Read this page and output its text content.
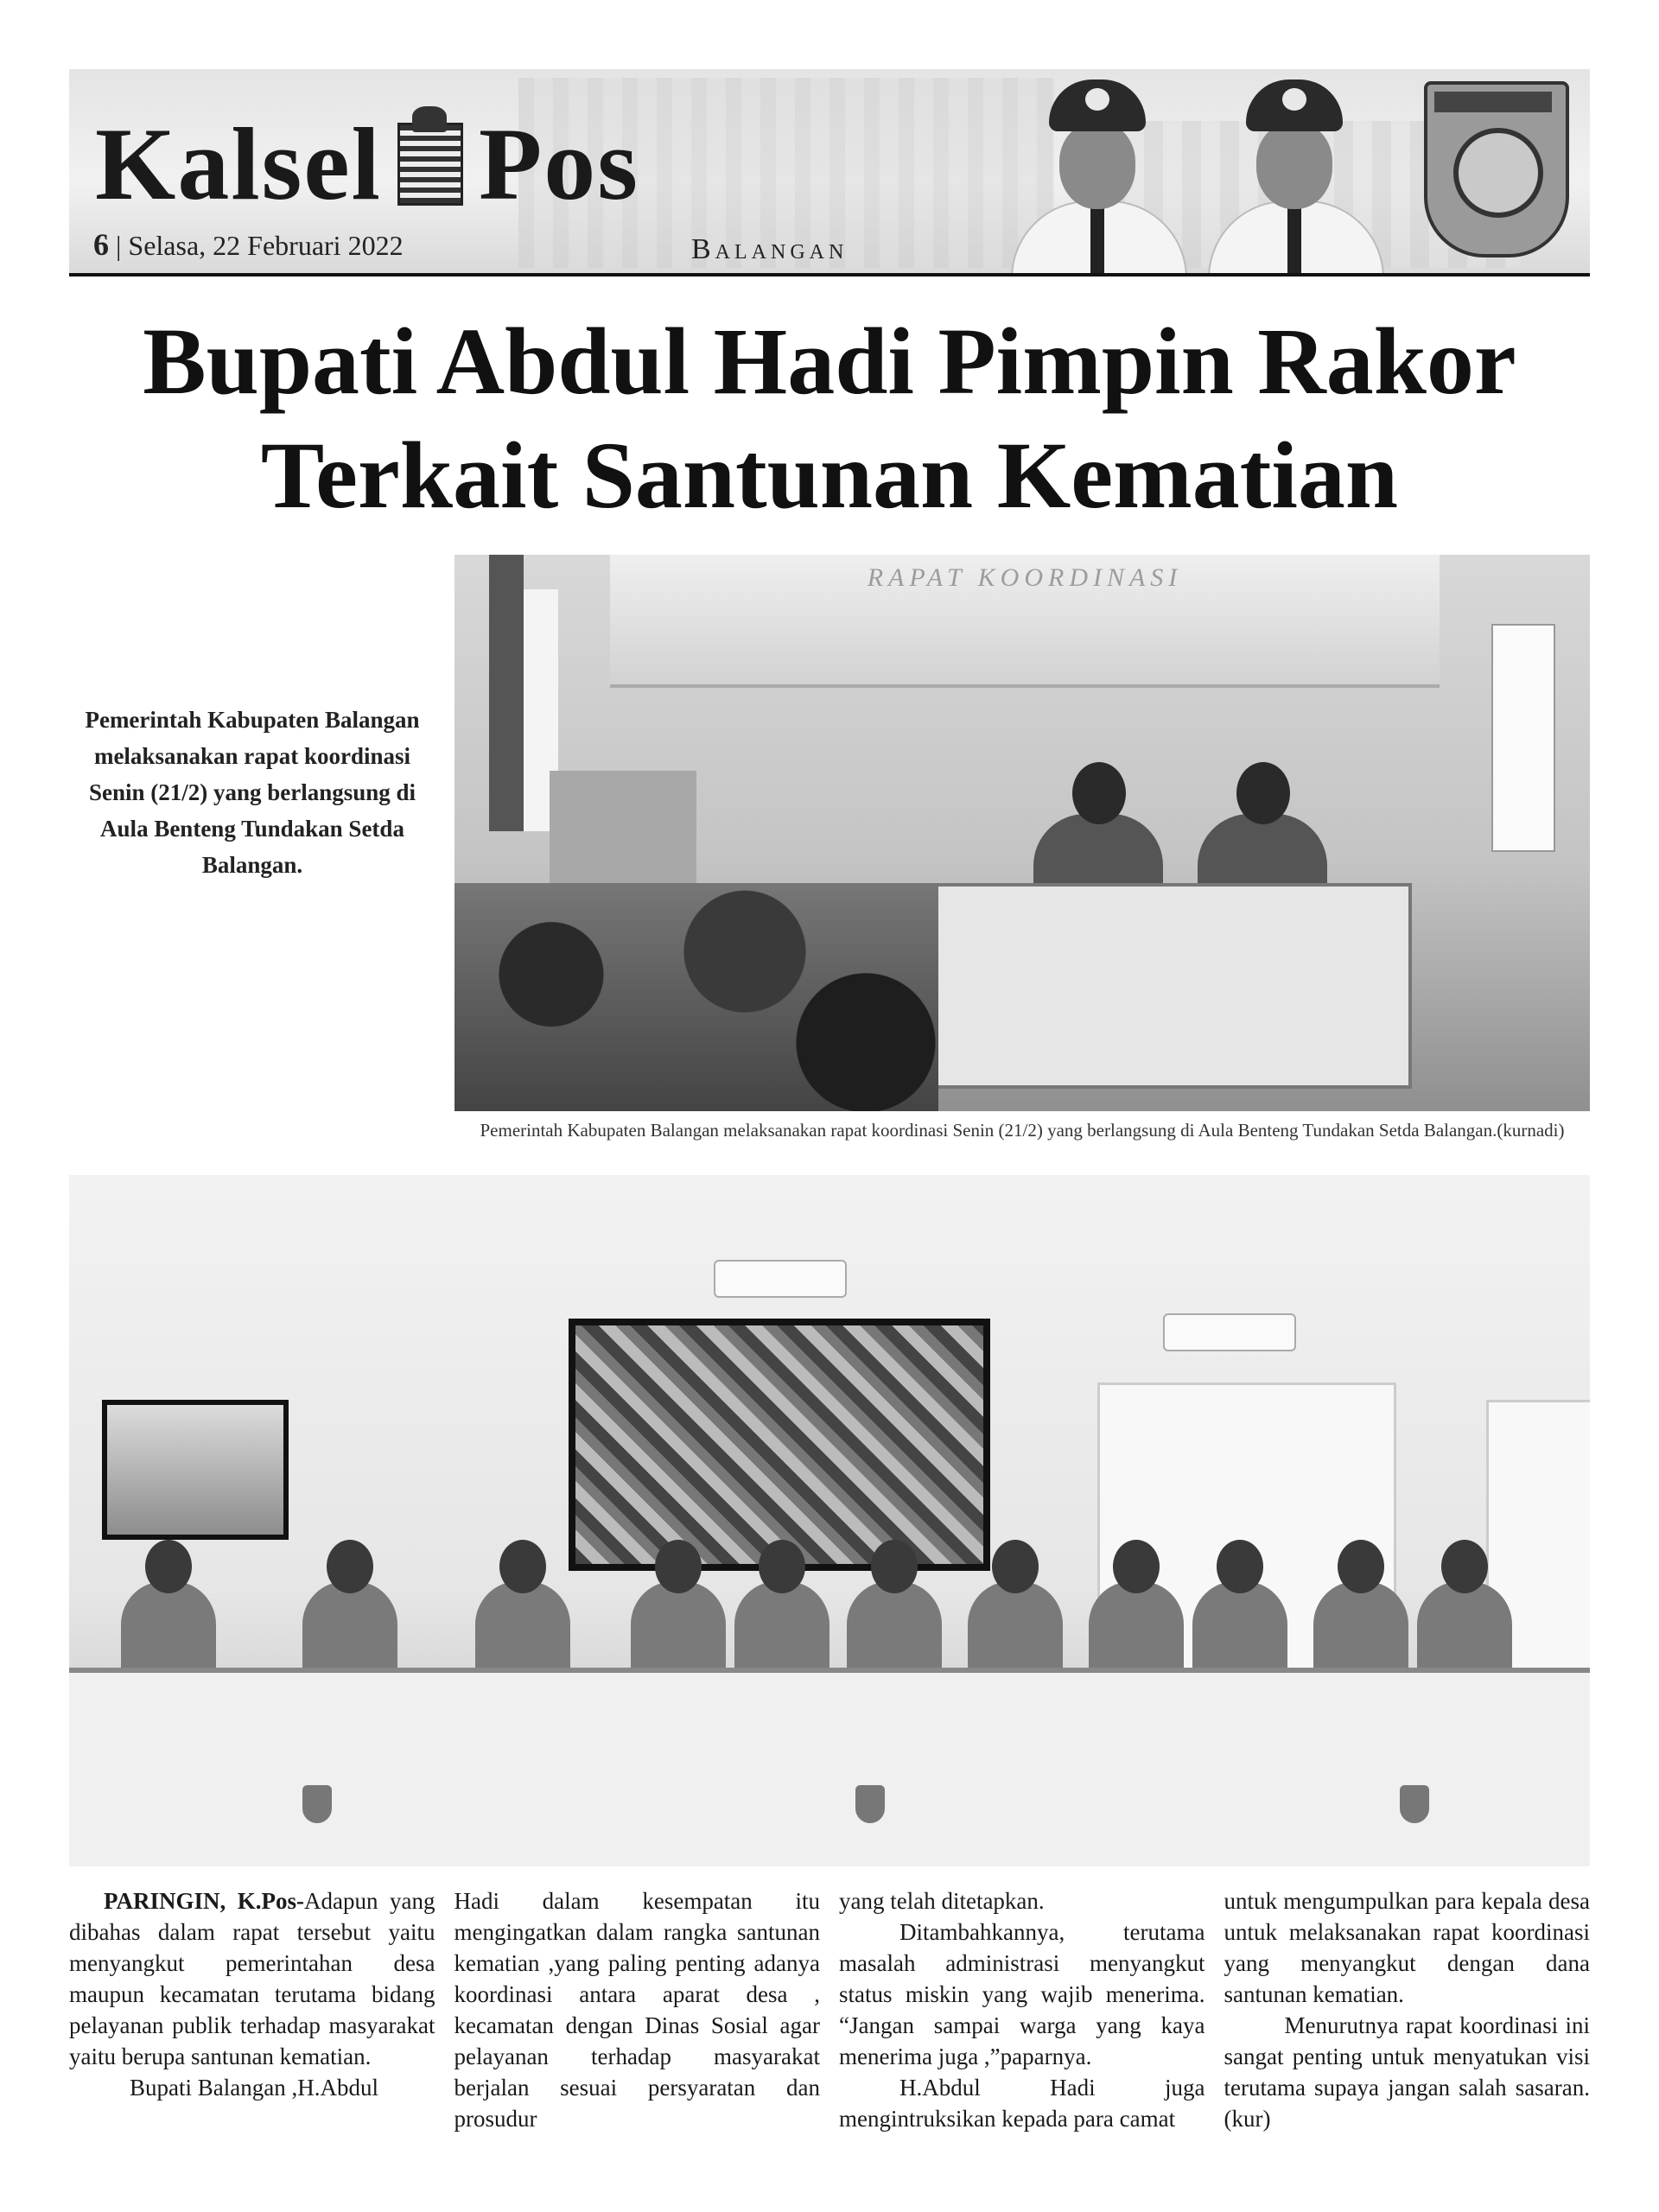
Kalsel Pos
6 | Selasa, 22 Februari 2022	Balangan
Bupati Abdul Hadi Pimpin Rakor
Terkait Santunan Kematian
Pemerintah Kabupaten Balangan melaksanakan rapat koordinasi Senin (21/2) yang berlangsung di Aula Benteng Tundakan Setda Balangan.
RAPAT KOORDINASI
Pemerintah Kabupaten Balangan melaksanakan rapat koordinasi Senin (21/2) yang berlangsung di Aula Benteng Tundakan Setda Balangan.(kurnadi)

PARINGIN, K.Pos-Adapun yang dibahas dalam rapat tersebut yaitu menyangkut pemerintahan desa maupun kecamatan terutama bidang pelayanan publik terhadap masyarakat yaitu berupa santunan kematian.

Bupati Balangan ,H.Abdul

Hadi dalam kesempatan itu mengingatkan dalam rangka santunan kematian ,yang paling penting adanya koordinasi antara aparat desa , kecamatan dengan Dinas Sosial agar pelayanan terhadap masyarakat berjalan sesuai persyaratan dan prosudur

yang telah ditetapkan.

Ditambahkannya, terutama masalah administrasi menyangkut status miskin yang wajib menerima. “Jangan sampai warga yang kaya menerima juga ,”paparnya.

H.Abdul Hadi juga mengintruksikan kepada para camat

untuk mengumpulkan para kepala desa untuk melaksanakan rapat koordinasi yang menyangkut dengan dana santunan kematian.

Menurutnya rapat koordinasi ini sangat penting untuk menyatukan visi terutama supaya jangan salah sasaran.(kur)
